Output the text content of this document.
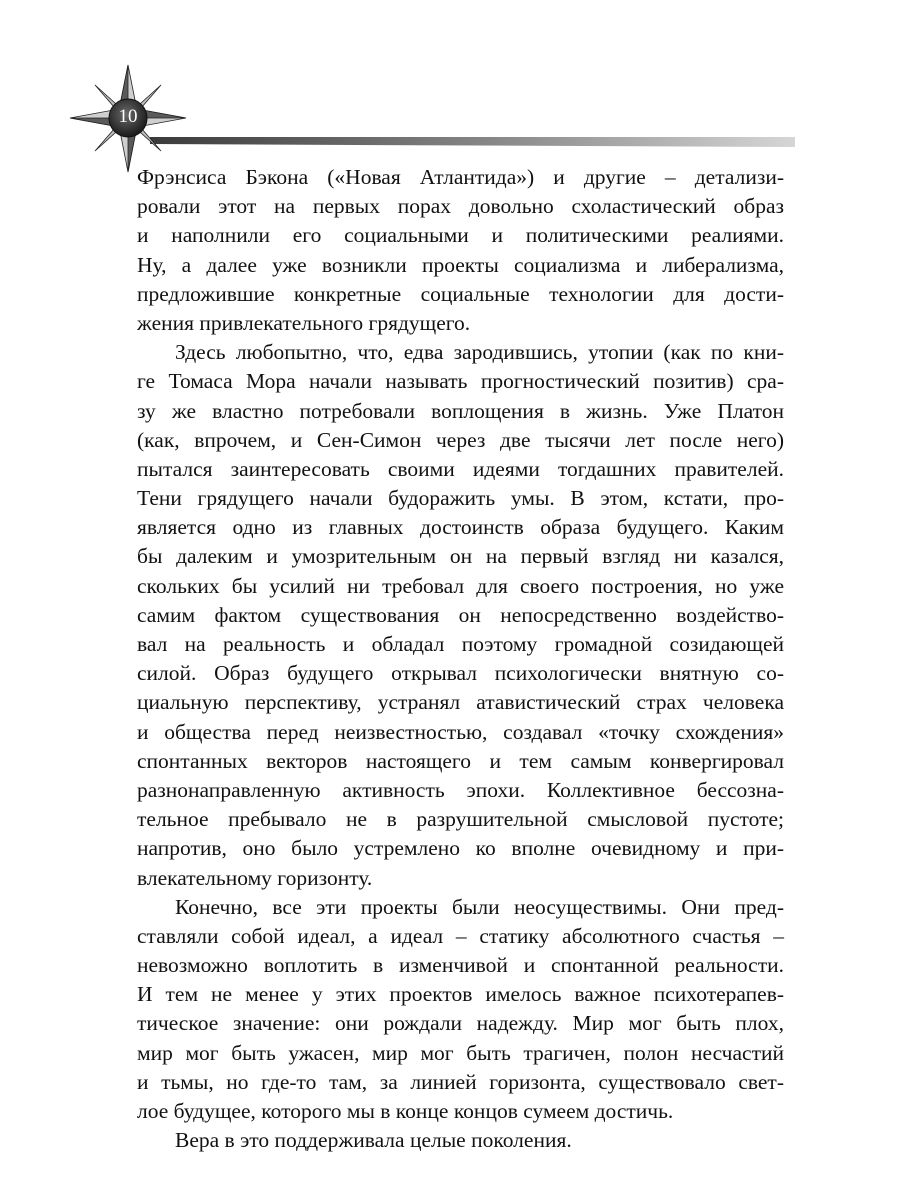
10
Фрэнсиса Бэкона («Новая Атлантида») и другие – детализи-
ровали этот на первых порах довольно схоластический образ
и наполнили его социальными и политическими реалиями.
Ну, а далее уже возникли проекты социализма и либерализма,
предложившие конкретные социальные технологии для дости-
жения привлекательного грядущего.
Здесь любопытно, что, едва зародившись, утопии (как по кни-
ге Томаса Мора начали называть прогностический позитив) сра-
зу же властно потребовали воплощения в жизнь. Уже Платон
(как, впрочем, и Сен-Симон через две тысячи лет после него)
пытался заинтересовать своими идеями тогдашних правителей.
Тени грядущего начали будоражить умы. В этом, кстати, про-
является одно из главных достоинств образа будущего. Каким
бы далеким и умозрительным он на первый взгляд ни казался,
скольких бы усилий ни требовал для своего построения, но уже
самим фактом существования он непосредственно воздейство-
вал на реальность и обладал поэтому громадной созидающей
силой. Образ будущего открывал психологически внятную со-
циальную перспективу, устранял атавистический страх человека
и общества перед неизвестностью, создавал «точку схождения»
спонтанных векторов настоящего и тем самым конвергировал
разнонаправленную активность эпохи. Коллективное бессозна-
тельное пребывало не в разрушительной смысловой пустоте;
напротив, оно было устремлено ко вполне очевидному и при-
влекательному горизонту.
Конечно, все эти проекты были неосуществимы. Они пред-
ставляли собой идеал, а идеал – статику абсолютного счастья –
невозможно воплотить в изменчивой и спонтанной реальности.
И тем не менее у этих проектов имелось важное психотерапев-
тическое значение: они рождали надежду. Мир мог быть плох,
мир мог быть ужасен, мир мог быть трагичен, полон несчастий
и тьмы, но где-то там, за линией горизонта, существовало свет-
лое будущее, которого мы в конце концов сумеем достичь.
Вера в это поддерживала целые поколения.
